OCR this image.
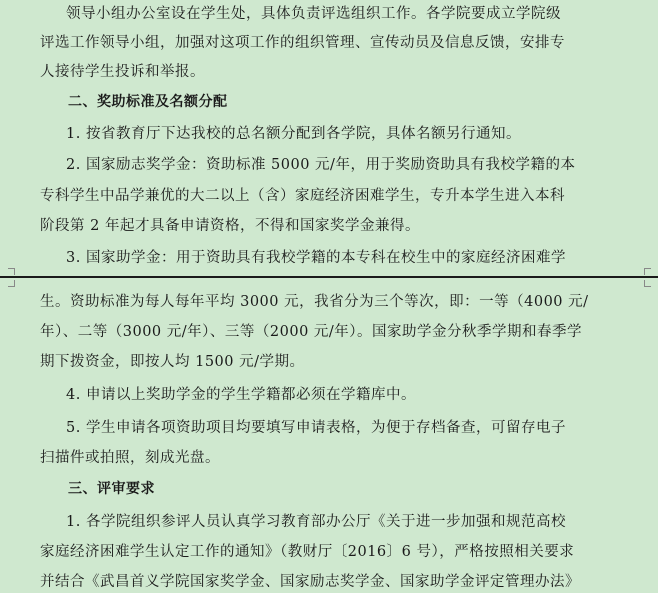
领导小组办公室设在学生处，具体负责评选组织工作。各学院要成立学院级
评选工作领导小组，加强对这项工作的组织管理、宣传动员及信息反馈，安排专
人接待学生投诉和举报。
二、奖助标准及名额分配
1. 按省教育厅下达我校的总名额分配到各学院，具体名额另行通知。
2. 国家励志奖学金：资助标准 5000 元/年，用于奖励资助具有我校学籍的本
专科学生中品学兼优的大二以上（含）家庭经济困难学生，专升本学生进入本科
阶段第 2 年起才具备申请资格，不得和国家奖学金兼得。
3. 国家助学金：用于资助具有我校学籍的本专科在校生中的家庭经济困难学
生。资助标准为每人每年平均 3000 元，我省分为三个等次，即：一等（4000 元/
年）、二等（3000 元/年）、三等（2000 元/年）。国家助学金分秋季学期和春季学
期下拨资金，即按人均 1500 元/学期。
4. 申请以上奖助学金的学生学籍都必须在学籍库中。
5. 学生申请各项资助项目均要填写申请表格，为便于存档备查，可留存电子
扫描件或拍照，刻成光盘。
三、评审要求
1. 各学院组织参评人员认真学习教育部办公厅《关于进一步加强和规范高校
家庭经济困难学生认定工作的通知》（教财厅〔2016〕6 号），严格按照相关要求
并结合《武昌首义学院国家奖学金、国家励志奖学金、国家助学金评定管理办法》
